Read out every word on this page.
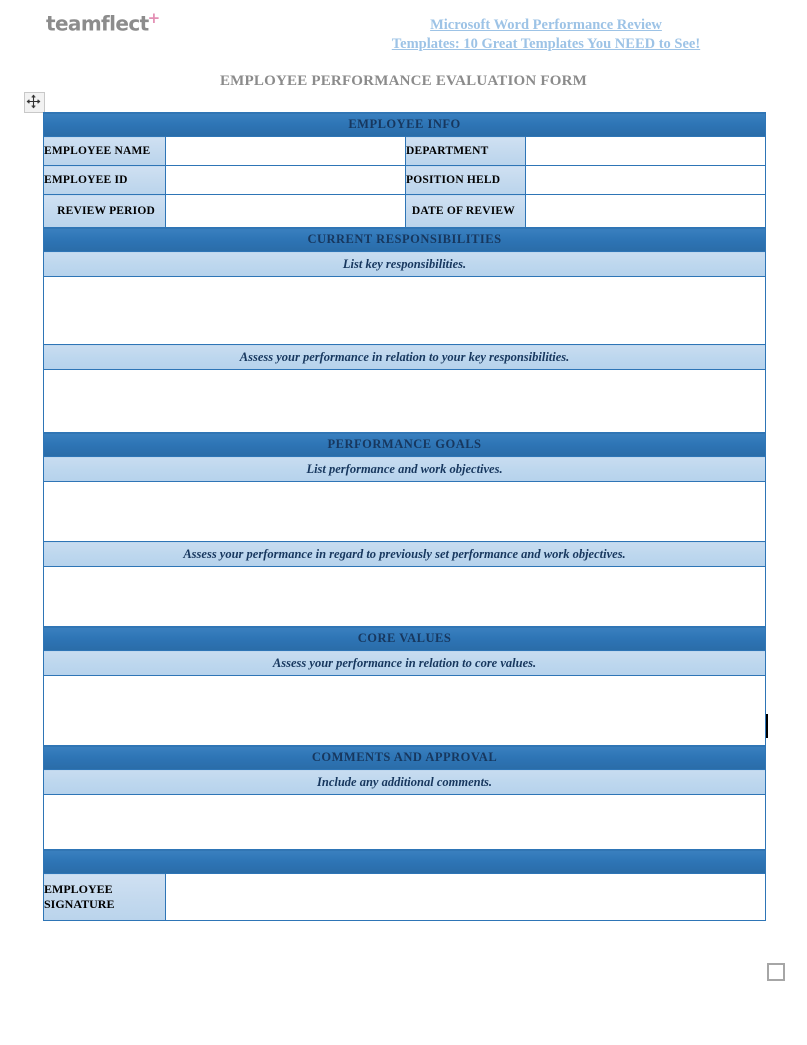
teamflect+	Microsoft Word Performance Review
Templates: 10 Great Templates You NEED to See!
EMPLOYEE PERFORMANCE EVALUATION FORM
EMPLOYEE INFO			
EMPLOYEE NAME		DEPARTMENT	
EMPLOYEE ID		POSITION HELD	
REVIEW PERIOD		DATE OF REVIEW	
CURRENT RESPONSIBILITIES			
List key responsibilities.			

Assess your performance in relation to your key responsibilities.			

PERFORMANCE GOALS			
List performance and work objectives.			

Assess your performance in regard to previously set performance and work objectives.			

CORE VALUES			
Assess your performance in relation to core values.			

COMMENTS AND APPROVAL			
Include any additional comments.			

EMPLOYEE SIGNATURE			
